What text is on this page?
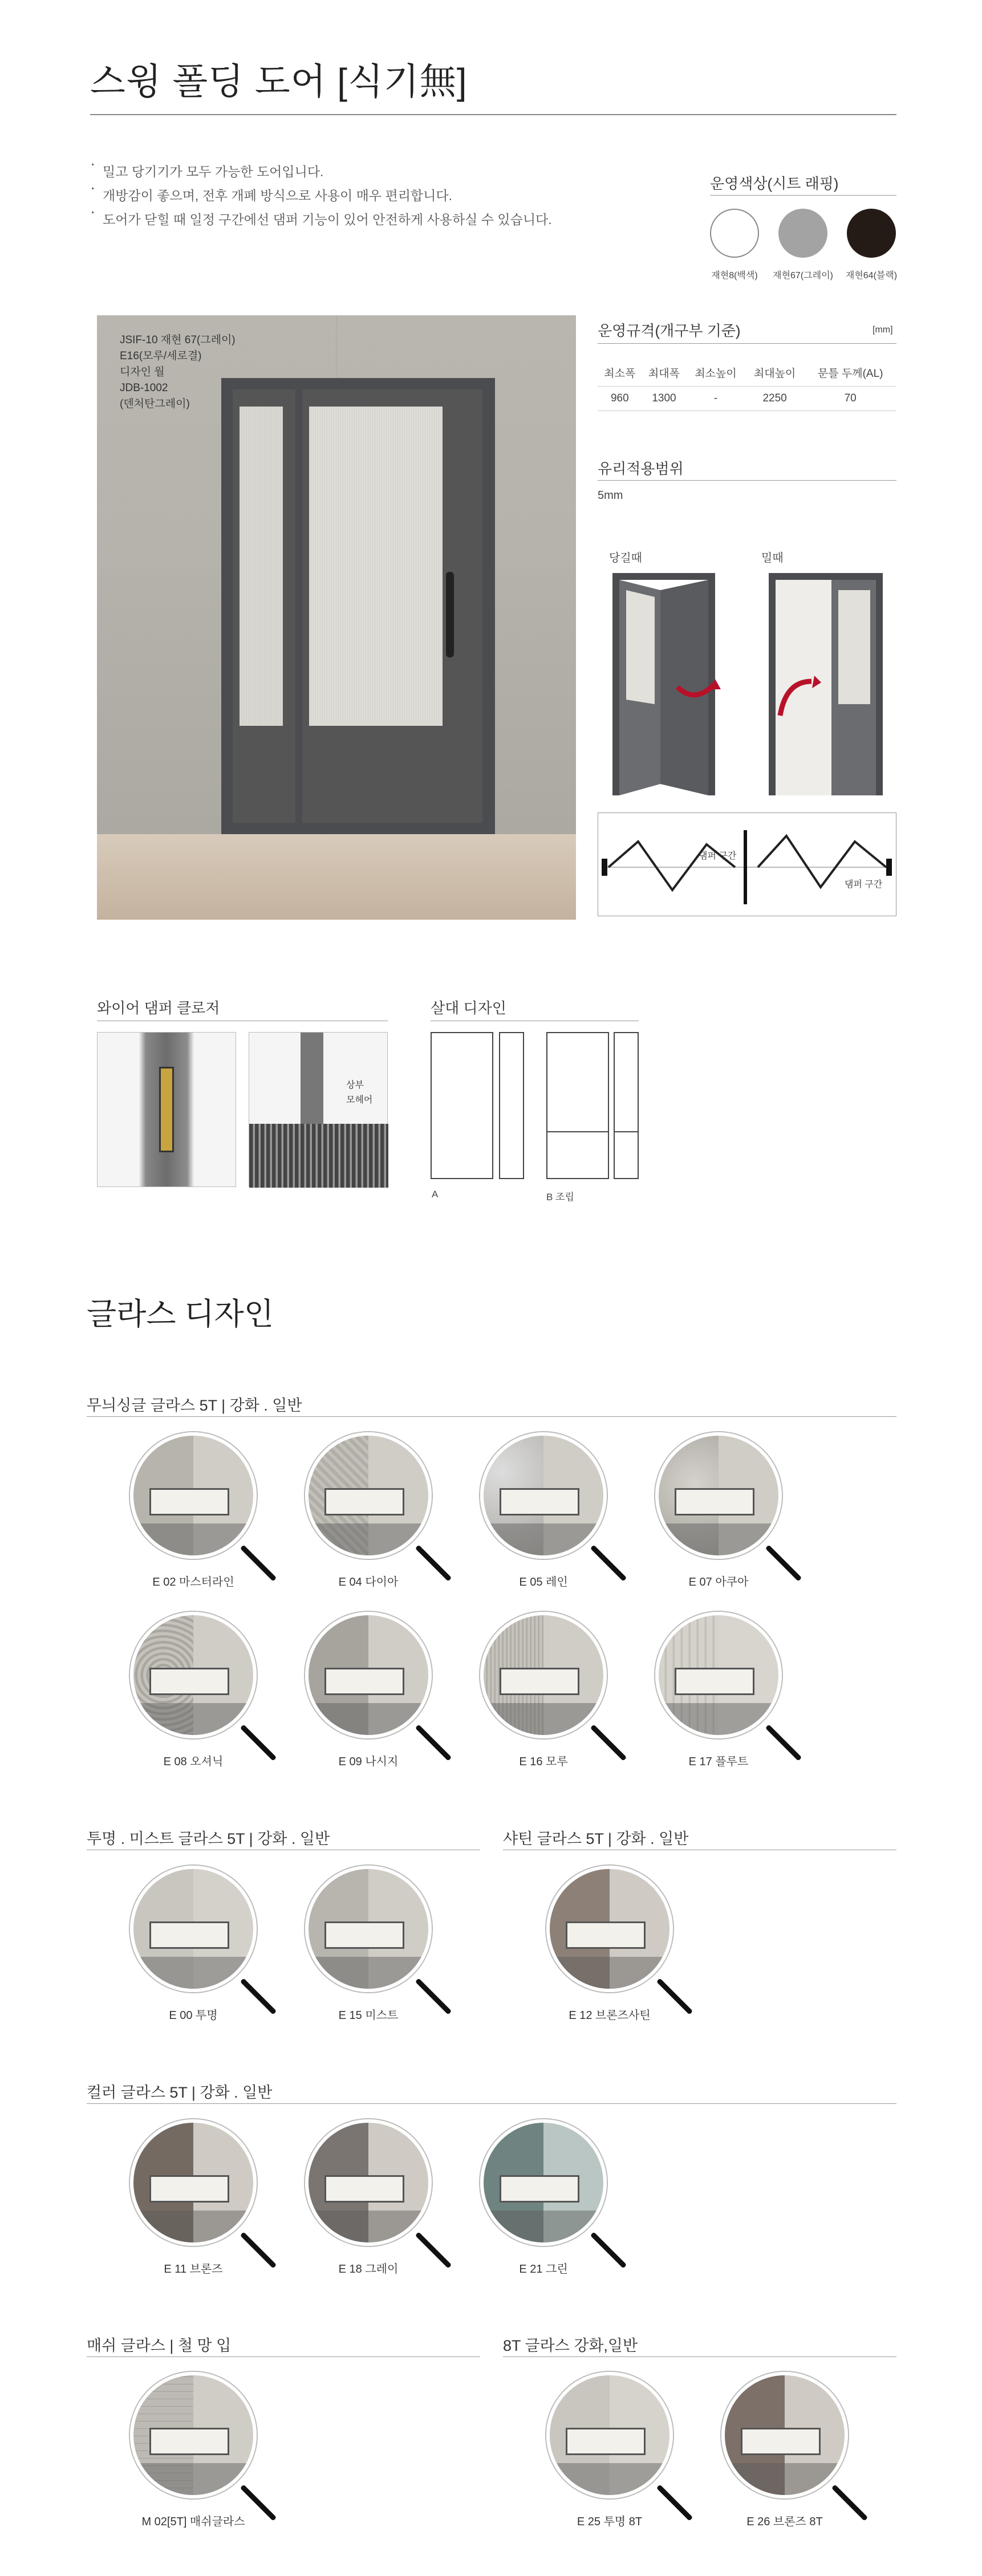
스윙 폴딩 도어 [식기無]
· 밀고 당기기가 모두 가능한 도어입니다.
· 개방감이 좋으며, 전후 개폐 방식으로 사용이 매우 편리합니다.
· 도어가 닫힐 때 일정 구간에선 댐퍼 기능이 있어 안전하게 사용하실 수 있습니다.
운영색상(시트 래핑)
재현8(백색)	재현67(그레이)	재현64(블랙)
JSIF-10 재현 67(그레이)
E16(모루/세로결)
디자인 월
JDB-1002
(덴처탄그레이)
운영규격(개구부 기준)	[mm]
최소폭	최대폭	최소높이	최대높이	문틀 두께(AL)
960	1300	-	2250	70
유리적용범위
5mm
당길때	밀때
댐퍼 구간
댐퍼 구간
와이어 댐퍼 클로저
상부
모헤어
살대 디자인
A	B 조립
글라스 디자인
무늬싱글 글라스 5T | 강화 . 일반
E 02 마스터라인	E 04 다이아	E 05 레인	E 07 아쿠아
E 08 오셔닉	E 09 나시지	E 16 모루	E 17 플루트
투명 . 미스트 글라스 5T | 강화 . 일반	샤틴 글라스 5T | 강화 . 일반
E 00 투명	E 15 미스트	E 12 브론즈사틴
컬러 글라스 5T | 강화 . 일반
E 11 브론즈	E 18 그레이	E 21 그린
매쉬 글라스 | 철 망 입	8T 글라스 강화,일반
M 02[5T] 매쉬글라스	E 25 투명 8T	E 26 브론즈 8T
